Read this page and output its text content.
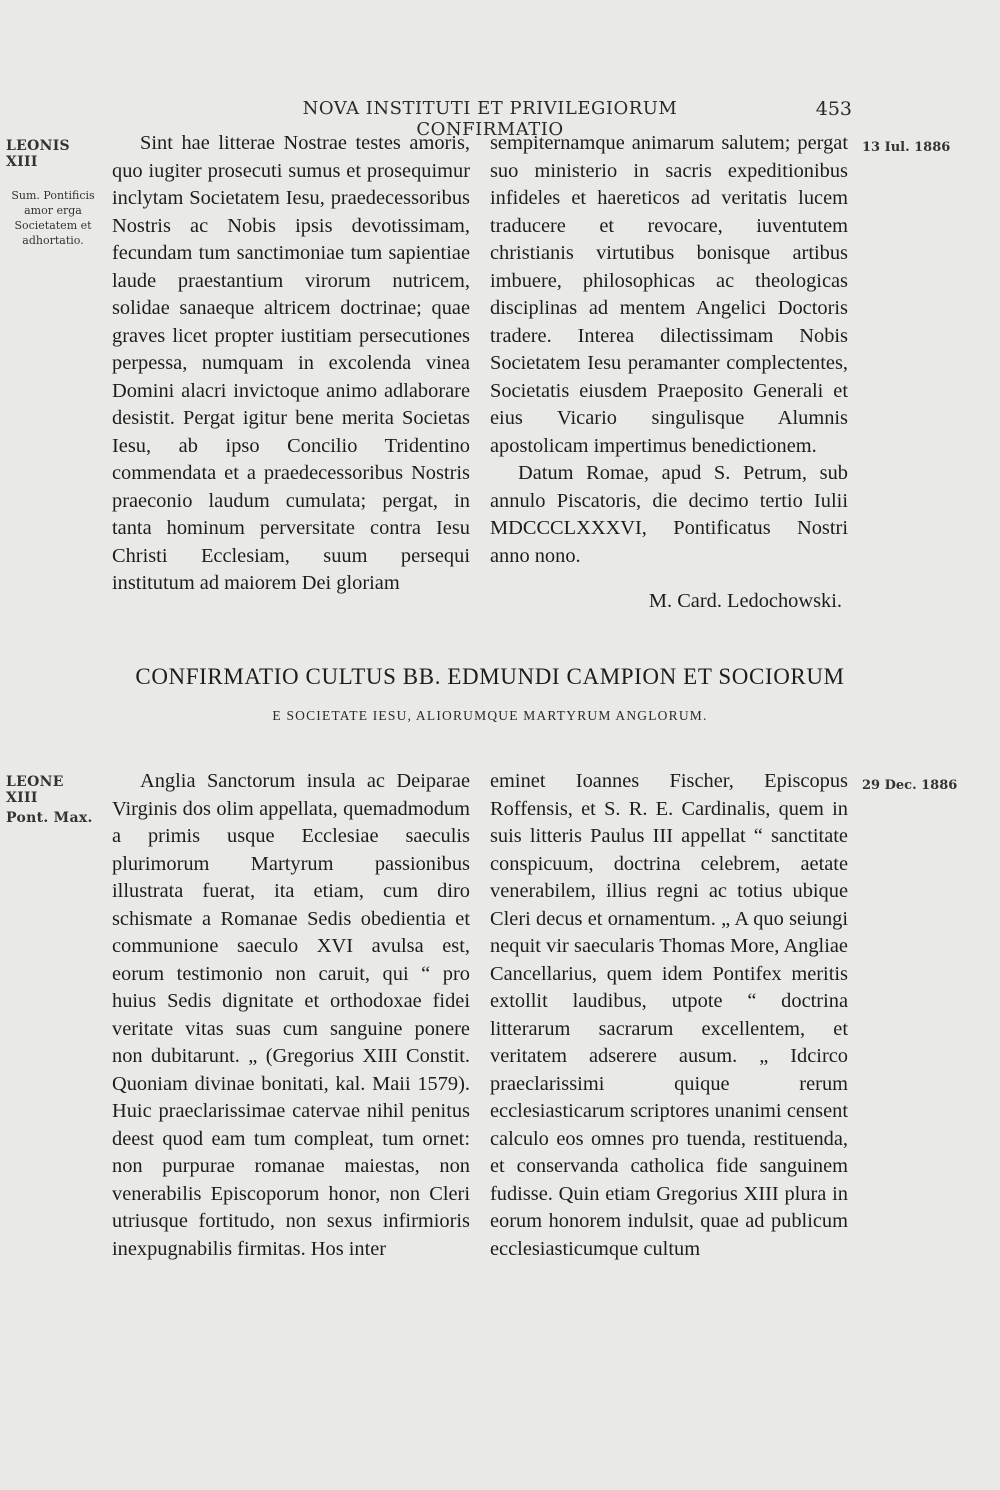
NOVA INSTITUTI ET PRIVILEGIORUM CONFIRMATIO
453
LEONIS XIII
Sum. Pontificis amor erga Societatem et adhortatio.
13 Iul. 1886

Sint hae litterae Nostrae testes amoris, quo iugiter prosecuti sumus et prosequimur inclytam Societatem Iesu, praedecessoribus Nostris ac Nobis ipsis devotissimam, fecundam tum sanctimoniae tum sapientiae laude praestantium virorum nutricem, solidae sanaeque altricem doctrinae; quae graves licet propter iustitiam persecutiones perpessa, numquam in excolenda vinea Domini alacri invictoque animo adlaborare desistit. Pergat igitur bene merita Societas Iesu, ab ipso Concilio Tridentino commendata et a praedecessoribus Nostris praeconio laudum cumulata; pergat, in tanta hominum perversitate contra Iesu Christi Ecclesiam, suum persequi institutum ad maiorem Dei gloriam

sempiternamque animarum salutem; pergat suo ministerio in sacris expeditionibus infideles et haereticos ad veritatis lucem traducere et revocare, iuventutem christianis virtutibus bonisque artibus imbuere, philosophicas ac theologicas disciplinas ad mentem Angelici Doctoris tradere. Interea dilectissimam Nobis Societatem Iesu peramanter complectentes, Societatis eiusdem Praeposito Generali et eius Vicario singulisque Alumnis apostolicam impertimus benedictionem.

Datum Romae, apud S. Petrum, sub annulo Piscatoris, die decimo tertio Iulii MDCCCLXXXVI, Pontificatus Nostri anno nono.

M. Card. Ledochowski.

CONFIRMATIO CULTUS BB. EDMUNDI CAMPION ET SOCIORUM
E SOCIETATE IESU, ALIORUMQUE MARTYRUM ANGLORUM.
LEONE XIII
Pont. Max.
29 Dec. 1886

Anglia Sanctorum insula ac Deiparae Virginis dos olim appellata, quemadmodum a primis usque Ecclesiae saeculis plurimorum Martyrum passionibus illustrata fuerat, ita etiam, cum diro schismate a Romanae Sedis obedientia et communione saeculo XVI avulsa est, eorum testimonio non caruit, qui “ pro huius Sedis dignitate et orthodoxae fidei veritate vitas suas cum sanguine ponere non dubitarunt. „ (Gregorius XIII Constit. Quoniam divinae bonitati, kal. Maii 1579). Huic praeclarissimae catervae nihil penitus deest quod eam tum compleat, tum ornet: non purpurae romanae maiestas, non venerabilis Episcoporum honor, non Cleri utriusque fortitudo, non sexus infirmioris inexpugnabilis firmitas. Hos inter

eminet Ioannes Fischer, Episcopus Roffensis, et S. R. E. Cardinalis, quem in suis litteris Paulus III appellat “ sanctitate conspicuum, doctrina celebrem, aetate venerabilem, illius regni ac totius ubique Cleri decus et ornamentum. „ A quo seiungi nequit vir saecularis Thomas More, Angliae Cancellarius, quem idem Pontifex meritis extollit laudibus, utpote “ doctrina litterarum sacrarum excellentem, et veritatem adserere ausum. „ Idcirco praeclarissimi quique rerum ecclesiasticarum scriptores unanimi censent calculo eos omnes pro tuenda, restituenda, et conservanda catholica fide sanguinem fudisse. Quin etiam Gregorius XIII plura in eorum honorem indulsit, quae ad publicum ecclesiasticumque cultum
